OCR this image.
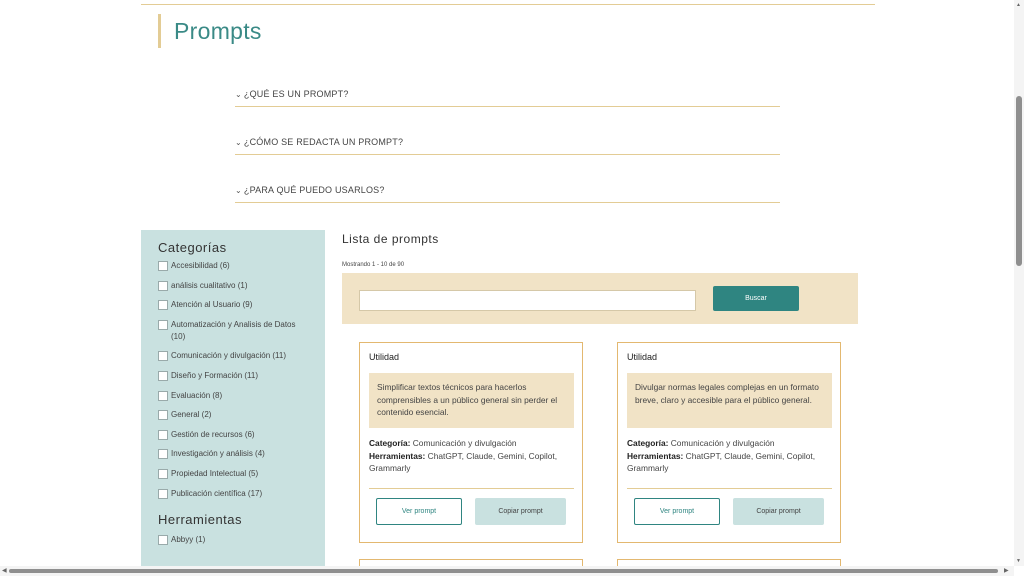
Prompts
⌄ ¿QUÉ ES UN PROMPT?
⌄ ¿CÓMO SE REDACTA UN PROMPT?
⌄ ¿PARA QUÉ PUEDO USARLOS?
Categorías
Accesibilidad (6)
análisis cualitativo (1)
Atención al Usuario (9)
Automatización y Analisis de Datos (10)
Comunicación y divulgación (11)
Diseño y Formación (11)
Evaluación (8)
General (2)
Gestión de recursos (6)
Investigación y análisis (4)
Propiedad Intelectual (5)
Publicación científica (17)
Herramientas
Abbyy (1)
Lista de prompts
Mostrando 1 - 10 de 90
Buscar
Utilidad
Simplificar textos técnicos para hacerlos comprensibles a un público general sin perder el contenido esencial.
Categoría: Comunicación y divulgación
Herramientas: ChatGPT, Claude, Gemini, Copilot, Grammarly
Ver prompt	Copiar prompt
Utilidad
Divulgar normas legales complejas en un formato breve, claro y accesible para el público general.
Categoría: Comunicación y divulgación
Herramientas: ChatGPT, Claude, Gemini, Copilot, Grammarly
Ver prompt	Copiar prompt
▲
▼
◀	▶
